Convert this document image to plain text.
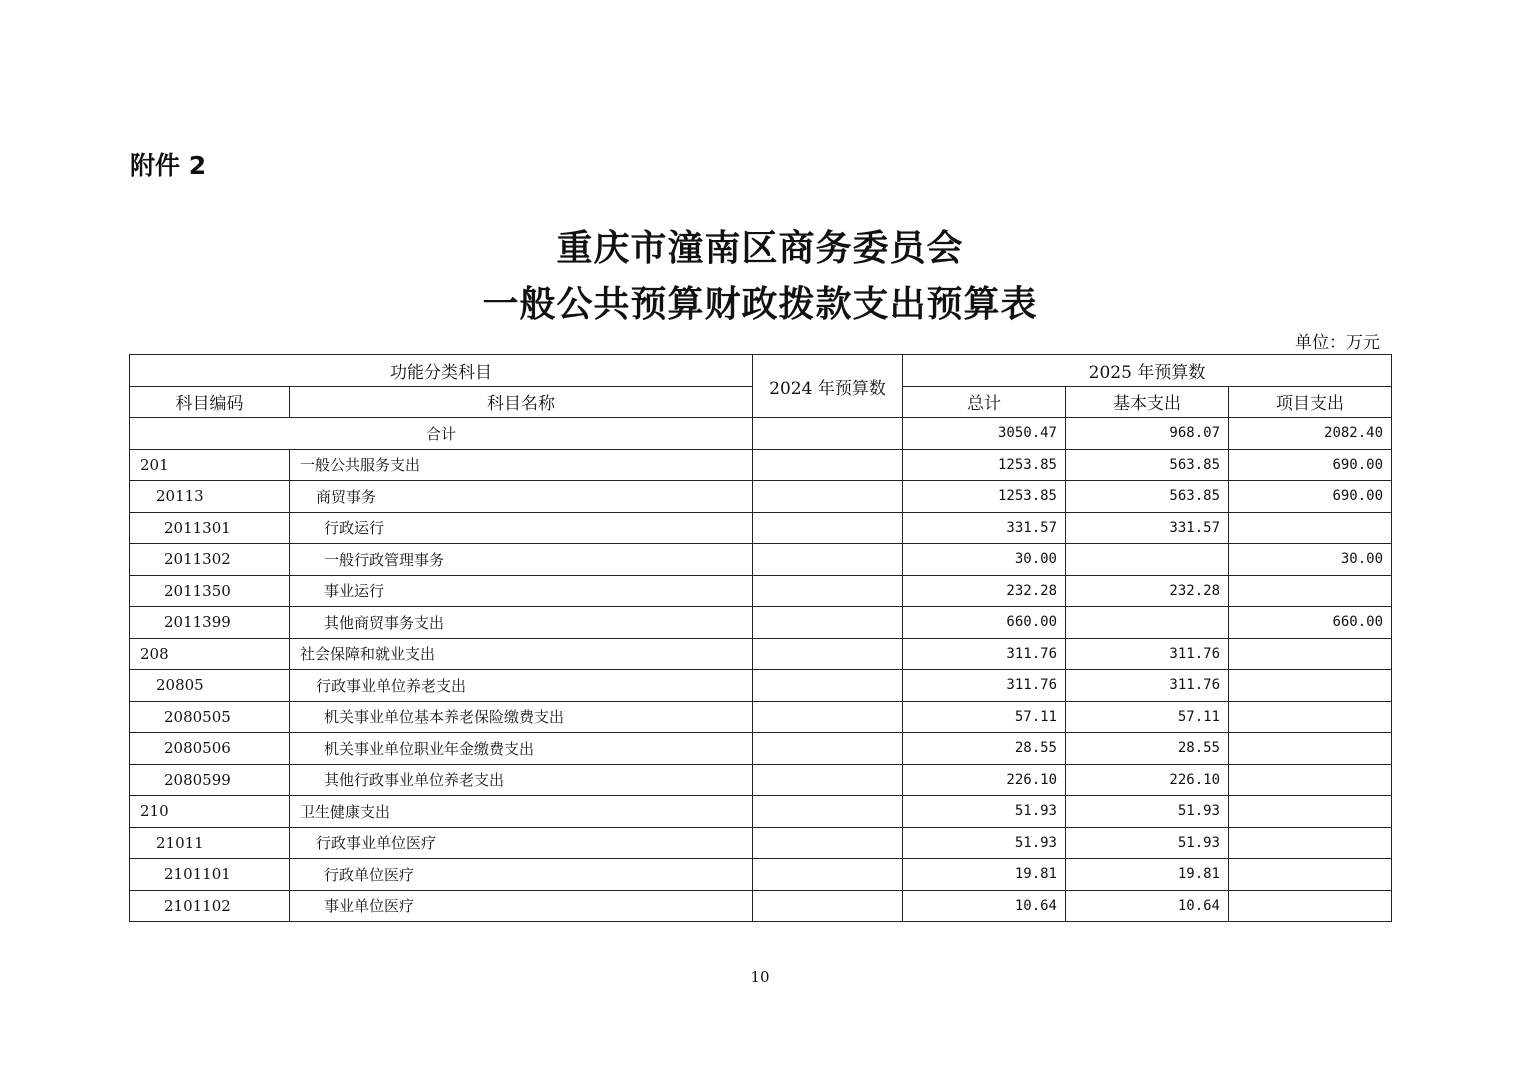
附件 2
重庆市潼南区商务委员会
一般公共预算财政拨款支出预算表
单位：万元
功能分类科目		2024 年预算数	2025 年预算数		
科目编码	科目名称		总计	基本支出	项目支出
合计			3050.47	968.07	2082.40
201	一般公共服务支出		1253.85	563.85	690.00
20113	商贸事务		1253.85	563.85	690.00
2011301	行政运行		331.57	331.57	
2011302	一般行政管理事务		30.00		30.00
2011350	事业运行		232.28	232.28	
2011399	其他商贸事务支出		660.00		660.00
208	社会保障和就业支出		311.76	311.76	
20805	行政事业单位养老支出		311.76	311.76	
2080505	机关事业单位基本养老保险缴费支出		57.11	57.11	
2080506	机关事业单位职业年金缴费支出		28.55	28.55	
2080599	其他行政事业单位养老支出		226.10	226.10	
210	卫生健康支出		51.93	51.93	
21011	行政事业单位医疗		51.93	51.93	
2101101	行政单位医疗		19.81	19.81	
2101102	事业单位医疗		10.64	10.64	
10
